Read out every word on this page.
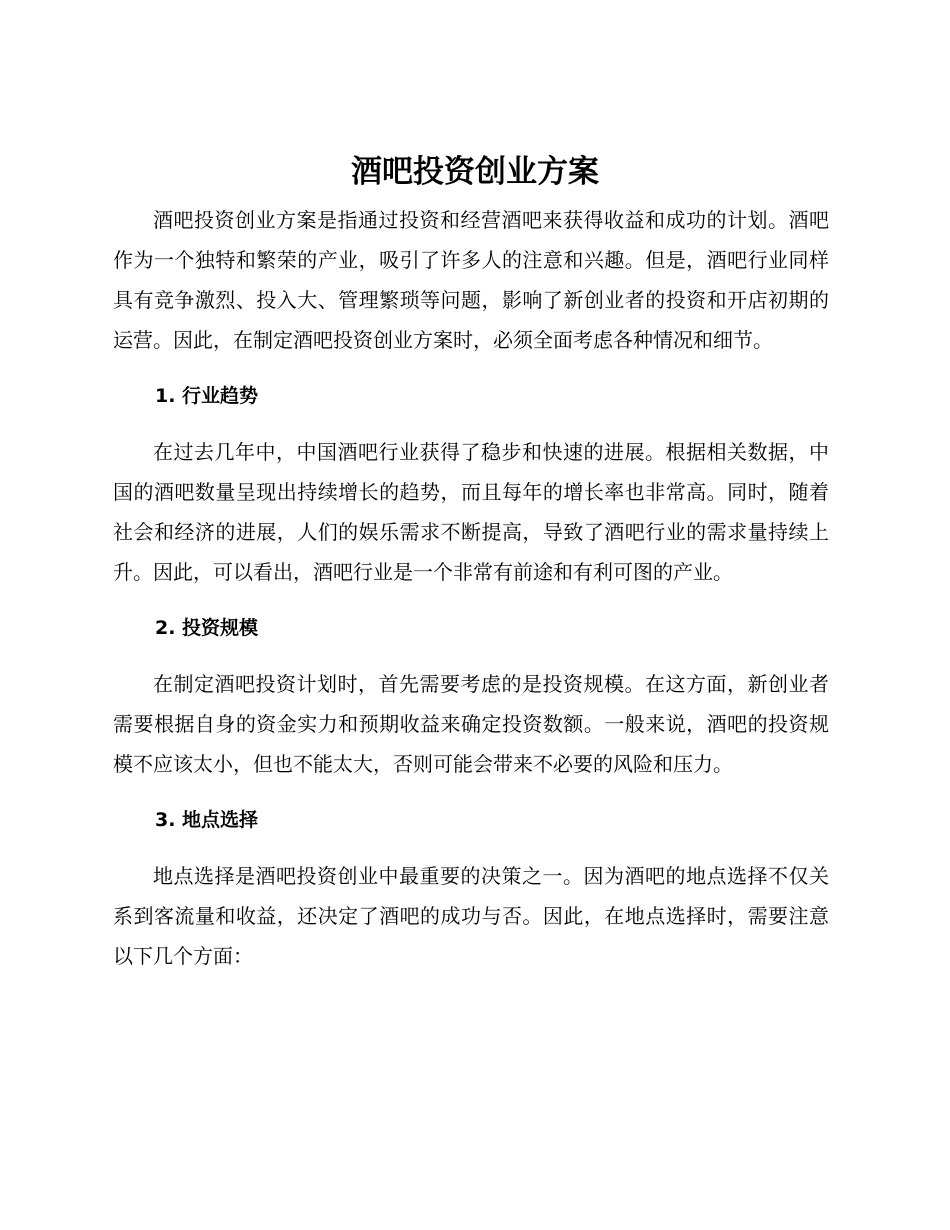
酒吧投资创业方案

酒吧投资创业方案是指通过投资和经营酒吧来获得收益和成功的计划。酒吧作为一个独特和繁荣的产业，吸引了许多人的注意和兴趣。但是，酒吧行业同样具有竞争激烈、投入大、管理繁琐等问题，影响了新创业者的投资和开店初期的运营。因此，在制定酒吧投资创业方案时，必须全面考虑各种情况和细节。

1. 行业趋势

在过去几年中，中国酒吧行业获得了稳步和快速的进展。根据相关数据，中国的酒吧数量呈现出持续增长的趋势，而且每年的增长率也非常高。同时，随着社会和经济的进展，人们的娱乐需求不断提高，导致了酒吧行业的需求量持续上升。因此，可以看出，酒吧行业是一个非常有前途和有利可图的产业。

2. 投资规模

在制定酒吧投资计划时，首先需要考虑的是投资规模。在这方面，新创业者需要根据自身的资金实力和预期收益来确定投资数额。一般来说，酒吧的投资规模不应该太小，但也不能太大，否则可能会带来不必要的风险和压力。

3. 地点选择

地点选择是酒吧投资创业中最重要的决策之一。因为酒吧的地点选择不仅关系到客流量和收益，还决定了酒吧的成功与否。因此，在地点选择时，需要注意以下几个方面：
